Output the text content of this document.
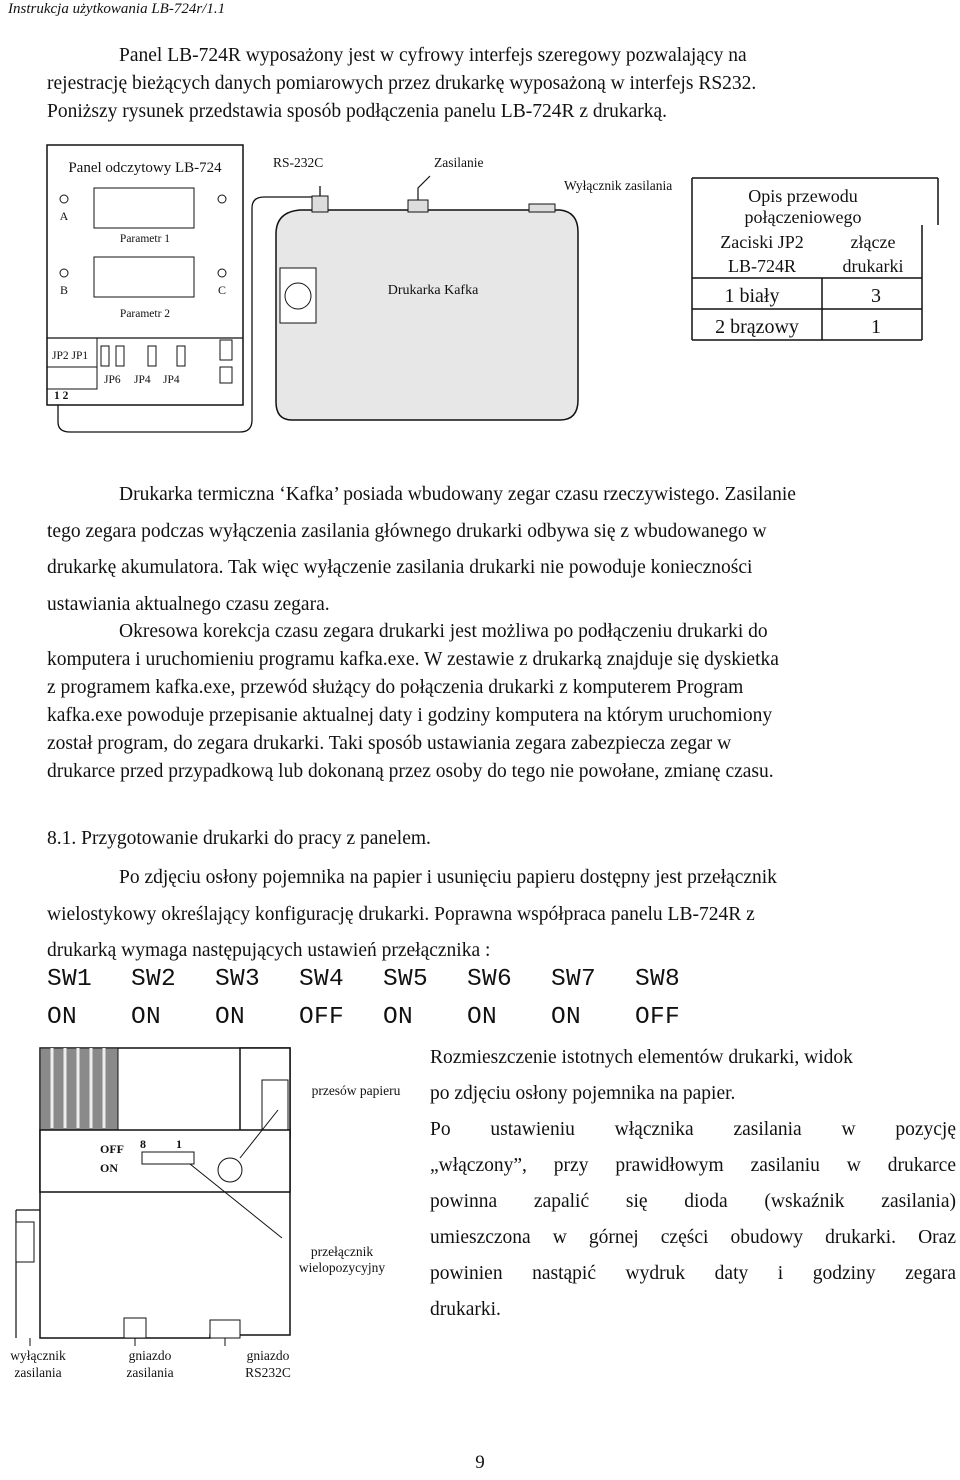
Instrukcja użytkowania LB-724r/1.1
Panel LB-724R wyposażony jest w cyfrowy interfejs szeregowy pozwalający na
rejestrację bieżących danych pomiarowych przez drukarkę wyposażoną w interfejs RS232.
Poniższy rysunek przedstawia sposób podłączenia panelu LB-724R z drukarką.
Panel odczytowy LB-724
A
Parametr 1
B	C
Parametr 2
JP2 JP1
JP6 JP4 JP4
1 2
RS-232C	Zasilanie
Wyłącznik zasilania
Drukarka Kafka
Opis przewodu
połączeniowego
Zaciski JP2
LB-724R
złącze
drukarki
1 biały	3
2 brązowy	1
Drukarka termiczna ‘Kafka’ posiada wbudowany zegar czasu rzeczywistego. Zasilanie
tego zegara podczas wyłączenia zasilania głównego drukarki odbywa się z wbudowanego w
drukarkę akumulatora. Tak więc wyłączenie zasilania drukarki nie powoduje konieczności
ustawiania aktualnego czasu zegara.
Okresowa korekcja czasu zegara drukarki jest możliwa po podłączeniu drukarki do
komputera i uruchomieniu programu kafka.exe. W zestawie z drukarką znajduje się dyskietka
z programem kafka.exe, przewód służący do połączenia drukarki z komputerem Program
kafka.exe powoduje przepisanie aktualnej daty i godziny komputera na którym uruchomiony
został program, do zegara drukarki. Taki sposób ustawiania zegara zabezpiecza zegar w
drukarce przed przypadkową lub dokonaną przez osoby do tego nie powołane, zmianę czasu.
8.1. Przygotowanie drukarki do pracy z panelem.
Po zdjęciu osłony pojemnika na papier i usunięciu papieru dostępny jest przełącznik
wielostykowy określający konfigurację drukarki. Poprawna współpraca panelu LB-724R z
drukarką wymaga następujących ustawień przełącznika :
SW1 SW2 SW3 SW4 SW5 SW6 SW7 SW8
ON ON ON OFF ON ON ON OFF
OFF
ON
8	1
przesów papieru
przełącznik
wielopozycyjny
wyłącznik
zasilania
gniazdo
zasilania
gniazdo
RS232C
Rozmieszczenie istotnych elementów drukarki, widok
po zdjęciu osłony pojemnika na papier.
Po ustawieniu włącznika zasilania w pozycję
„włączony”, przy prawidłowym zasilaniu w drukarce
powinna zapalić się dioda (wskaźnik zasilania)
umieszczona w górnej części obudowy drukarki. Oraz
powinien nastąpić wydruk daty i godziny zegara
drukarki.
9
